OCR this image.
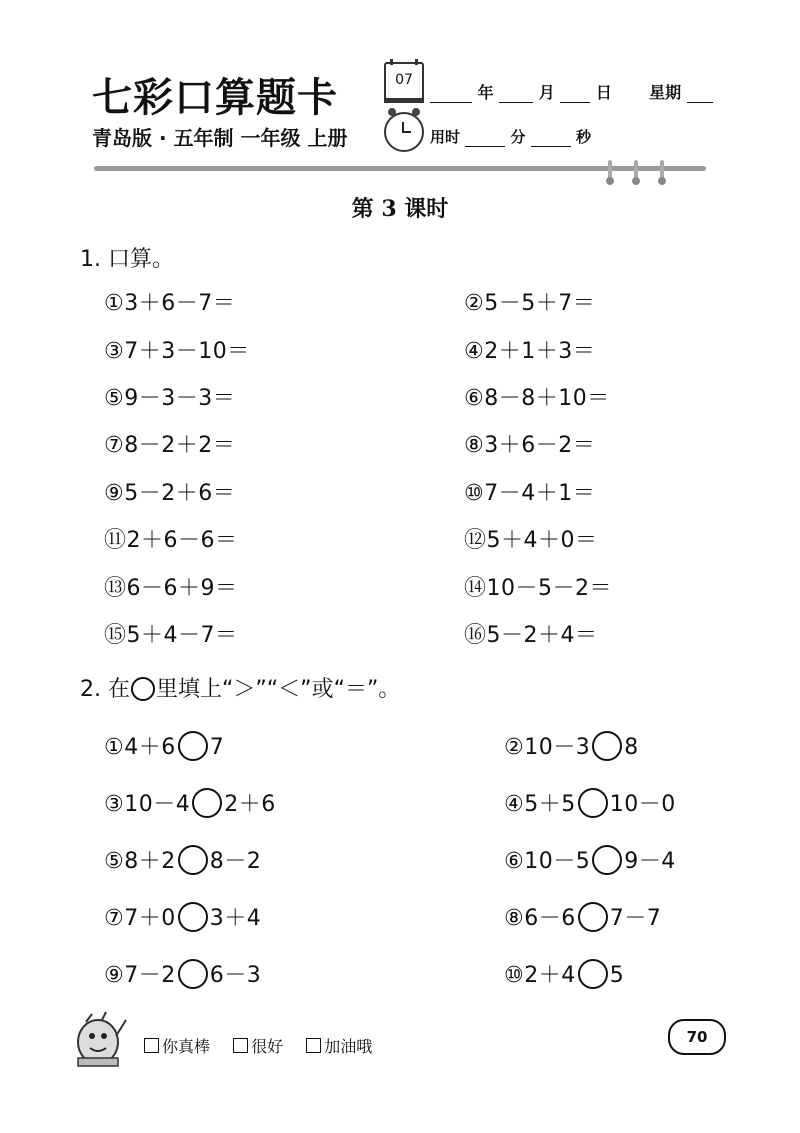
七彩口算题卡	07
年	月	日 星期
青岛版 · 五年制 一年级 上册	用时	分	秒
第 3 课时
1. 口算。
①3＋6－7＝	②5－5＋7＝
③7＋3－10＝	④2＋1＋3＝
⑤9－3－3＝	⑥8－8＋10＝
⑦8－2＋2＝	⑧3＋6－2＝
⑨5－2＋6＝	⑩7－4＋1＝
⑪2＋6－6＝	⑫5＋4＋0＝
⑬6－6＋9＝	⑭10－5－2＝
⑮5＋4－7＝	⑯5－2＋4＝
2. 在 里填上“＞”“＜”或“＝”。
①4＋6 7	②10－3 8
③10－4 2＋6	④5＋5 10－0
⑤8＋2 8－2	⑥10－5 9－4
⑦7＋0 3＋4	⑧6－6 7－7
⑨7－2 6－3	⑩2＋4 5
你真棒	很好	加油哦	70
